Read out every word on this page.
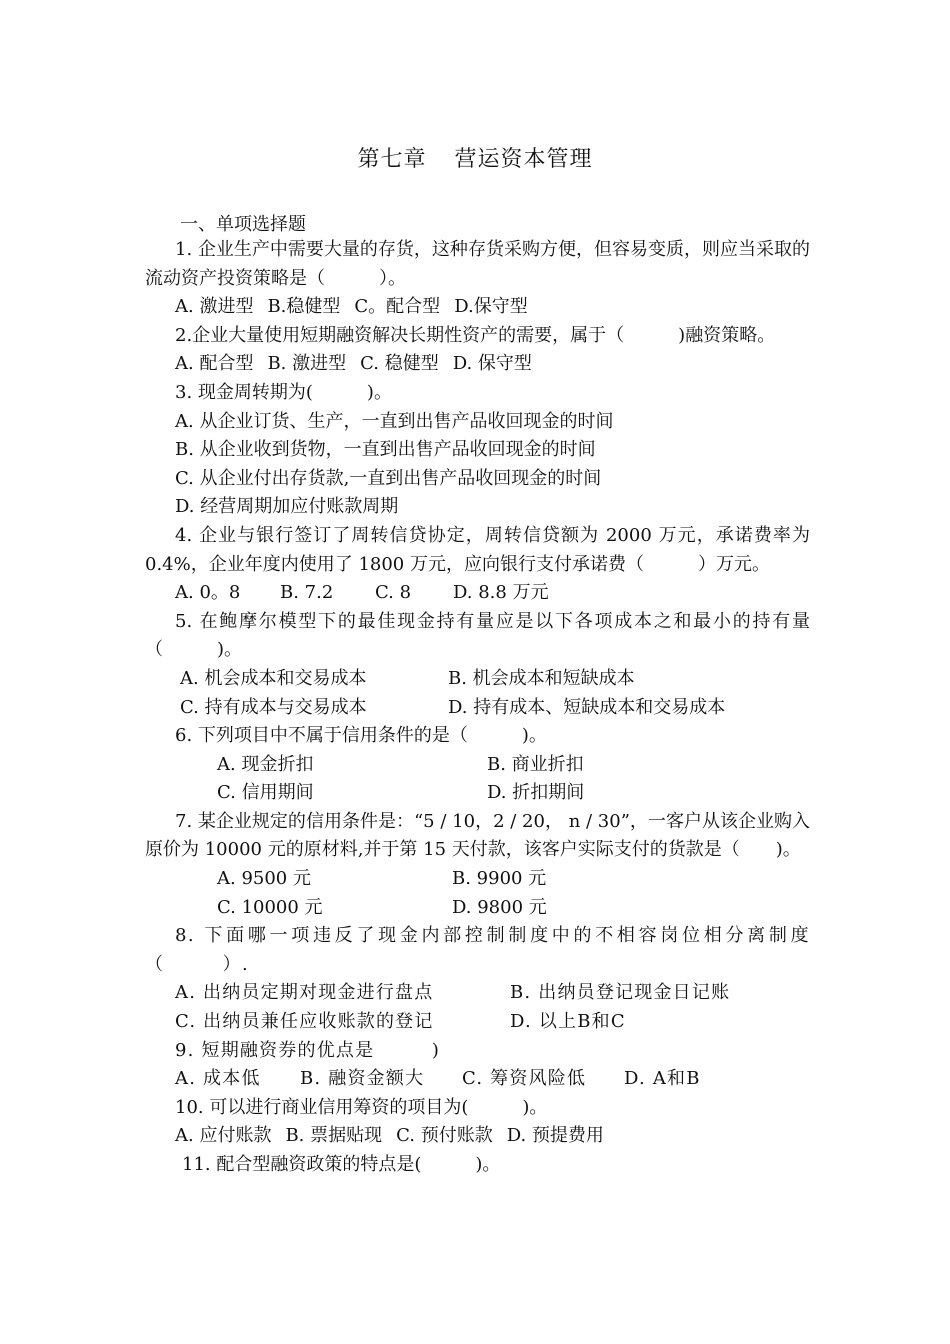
第七章 营运资本管理
一、单项选择题
1. 企业生产中需要大量的存货，这种存货采购方便，但容易变质，则应当采取的流动资产投资策略是（　　　）。
A. 激进型 B.稳健型 C。配合型 D.保守型
2.企业大量使用短期融资解决长期性资产的需要，属于（　　　)融资策略。
A. 配合型 B. 激进型 C. 稳健型 D. 保守型
3. 现金周转期为(　　　)。
A. 从企业订货、生产，一直到出售产品收回现金的时间
B. 从企业收到货物，一直到出售产品收回现金的时间
C. 从企业付出存货款,一直到出售产品收回现金的时间
D. 经营周期加应付账款周期
4. 企业与银行签订了周转信贷协定，周转信贷额为 2000 万元，承诺费率为 0.4%，企业年度内使用了 1800 万元，应向银行支付承诺费（　　　）万元。
A. 0。8 B. 7.2 C. 8 D. 8.8 万元
5. 在鲍摩尔模型下的最佳现金持有量应是以下各项成本之和最小的持有量（　　　)。
A. 机会成本和交易成本	B. 机会成本和短缺成本
C. 持有成本与交易成本	D. 持有成本、短缺成本和交易成本
6. 下列项目中不属于信用条件的是（　　　)。
A. 现金折扣	B. 商业折扣
C. 信用期间	D. 折扣期间
7. 某企业规定的信用条件是：“5 / 10，2 / 20， n / 30”，一客户从该企业购入原价为 10000 元的原材料,并于第 15 天付款，该客户实际支付的货款是（　　)。
A. 9500 元	B. 9900 元
C. 10000 元	D. 9800 元
8. 下面哪一项违反了现金内部控制制度中的不相容岗位相分离制度（　　　）.
A. 出纳员定期对现金进行盘点	B. 出纳员登记现金日记账
C. 出纳员兼任应收账款的登记	D. 以上B和C
9. 短期融资券的优点是　　　)
A. 成本低 B. 融资金额大 C. 筹资风险低 D. A和B
10. 可以进行商业信用筹资的项目为(　　　)。
A. 应付账款 B. 票据贴现 C. 预付账款 D. 预提费用
11. 配合型融资政策的特点是(　　　)。
